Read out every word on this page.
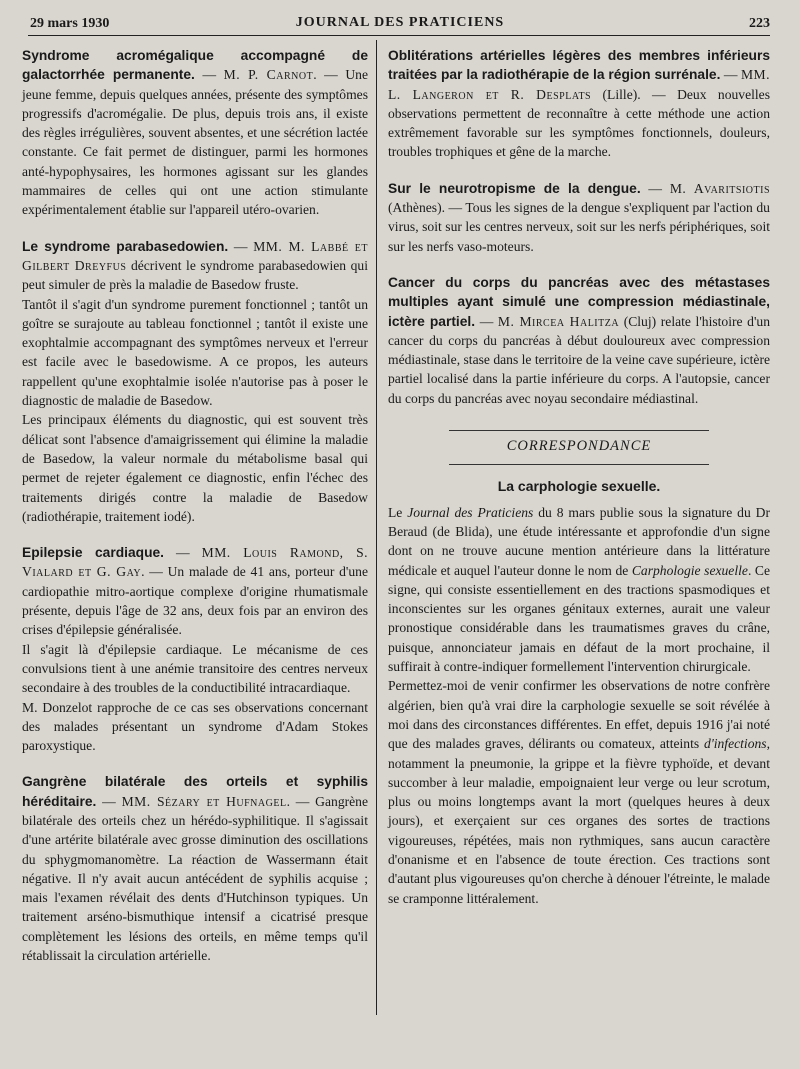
29 mars 1930	JOURNAL DES PRATICIENS	223

Syndrome acromégalique accompagné de galactorrhée permanente. — M. P. Carnot. — Une jeune femme, depuis quelques années, présente des symptômes progressifs d'acromégalie. De plus, depuis trois ans, il existe des règles irrégulières, souvent absentes, et une sécrétion lactée constante. Ce fait permet de distinguer, parmi les hormones anté-hypophysaires, les hormones agissant sur les glandes mammaires de celles qui ont une action stimulante expérimentalement établie sur l'appareil utéro-ovarien.

Le syndrome parabasedowien. — MM. M. Labbé et Gilbert Dreyfus décrivent le syndrome parabasedowien qui peut simuler de près la maladie de Basedow fruste.

Tantôt il s'agit d'un syndrome purement fonctionnel ; tantôt un goître se surajoute au tableau fonctionnel ; tantôt il existe une exophtalmie accompagnant des symptômes nerveux et l'erreur est facile avec le basedowisme. A ce propos, les auteurs rappellent qu'une exophtalmie isolée n'autorise pas à poser le diagnostic de maladie de Basedow.

Les principaux éléments du diagnostic, qui est souvent très délicat sont l'absence d'amaigrissement qui élimine la maladie de Basedow, la valeur normale du métabolisme basal qui permet de rejeter également ce diagnostic, enfin l'échec des traitements dirigés contre la maladie de Basedow (radiothérapie, traitement iodé).

Epilepsie cardiaque. — MM. Louis Ramond, S. Vialard et G. Gay. — Un malade de 41 ans, porteur d'une cardiopathie mitro-aortique complexe d'origine rhumatismale présente, depuis l'âge de 32 ans, deux fois par an environ des crises d'épilepsie généralisée.

Il s'agit là d'épilepsie cardiaque. Le mécanisme de ces convulsions tient à une anémie transitoire des centres nerveux secondaire à des troubles de la conductibilité intracardiaque.

M. Donzelot rapproche de ce cas ses observations concernant des malades présentant un syndrome d'Adam Stokes paroxystique.

Gangrène bilatérale des orteils et syphilis héréditaire. — MM. Sézary et Hufnagel. — Gangrène bilatérale des orteils chez un hérédo-syphilitique. Il s'agissait d'une artérite bilatérale avec grosse diminution des oscillations du sphygmomanomètre. La réaction de Wassermann était négative. Il n'y avait aucun antécédent de syphilis acquise ; mais l'examen révélait des dents d'Hutchinson typiques. Un traitement arséno-bismuthique intensif a cicatrisé presque complètement les lésions des orteils, en même temps qu'il rétablissait la circulation artérielle.

Oblitérations artérielles légères des membres inférieurs traitées par la radiothérapie de la région surrénale. — MM. L. Langeron et R. Desplats (Lille). — Deux nouvelles observations permettent de reconnaître à cette méthode une action extrêmement favorable sur les symptômes fonctionnels, douleurs, troubles trophiques et gêne de la marche.

Sur le neurotropisme de la dengue. — M. Avaritsiotis (Athènes). — Tous les signes de la dengue s'expliquent par l'action du virus, soit sur les centres nerveux, soit sur les nerfs périphériques, soit sur les nerfs vaso-moteurs.

Cancer du corps du pancréas avec des métastases multiples ayant simulé une compression médiastinale, ictère partiel. — M. Mircea Halitza (Cluj) relate l'histoire d'un cancer du corps du pancréas à début douloureux avec compression médiastinale, stase dans le territoire de la veine cave supérieure, ictère partiel localisé dans la partie inférieure du corps. A l'autopsie, cancer du corps du pancréas avec noyau secondaire médiastinal.

CORRESPONDANCE

La carphologie sexuelle.

Le Journal des Praticiens du 8 mars publie sous la signature du Dr Beraud (de Blida), une étude intéressante et approfondie d'un signe dont on ne trouve aucune mention antérieure dans la littérature médicale et auquel l'auteur donne le nom de Carphologie sexuelle. Ce signe, qui consiste essentiellement en des tractions spasmodiques et inconscientes sur les organes génitaux externes, aurait une valeur pronostique considérable dans les traumatismes graves du crâne, puisque, annonciateur jamais en défaut de la mort prochaine, il suffirait à contre-indiquer formellement l'intervention chirurgicale.

Permettez-moi de venir confirmer les observations de notre confrère algérien, bien qu'à vrai dire la carphologie sexuelle se soit révélée à moi dans des circonstances différentes. En effet, depuis 1916 j'ai noté que des malades graves, délirants ou comateux, atteints d'infections, notamment la pneumonie, la grippe et la fièvre typhoïde, et devant succomber à leur maladie, empoignaient leur verge ou leur scrotum, plus ou moins longtemps avant la mort (quelques heures à deux jours), et exerçaient sur ces organes des sortes de tractions vigoureuses, répétées, mais non rythmiques, sans aucun caractère d'onanisme et en l'absence de toute érection. Ces tractions sont d'autant plus vigoureuses qu'on cherche à dénouer l'étreinte, le malade se cramponne littéralement.
